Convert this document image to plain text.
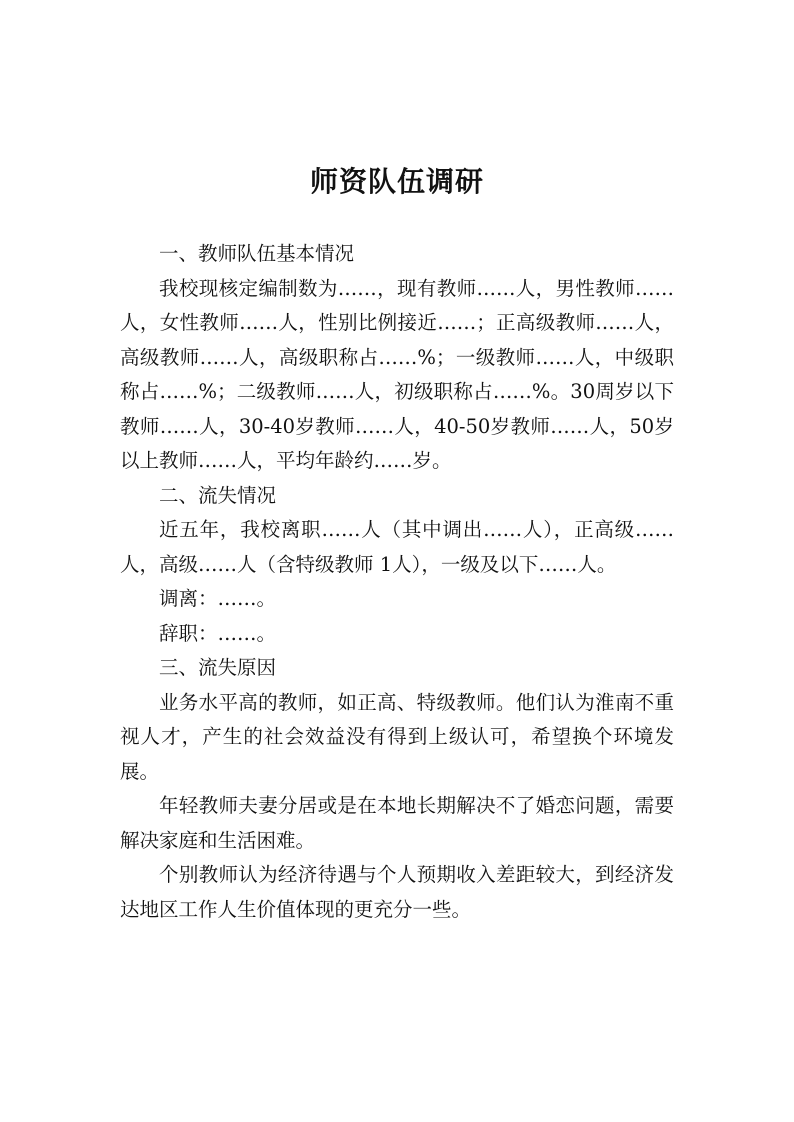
师资队伍调研

一、教师队伍基本情况

我校现核定编制数为……，现有教师……人，男性教师……人，女性教师……人，性别比例接近……；正高级教师……人，高级教师……人，高级职称占……%；一级教师……人，中级职称占……%；二级教师……人，初级职称占……%。30周岁以下教师……人，30-40岁教师……人，40-50岁教师……人，50岁以上教师……人，平均年龄约……岁。

二、流失情况

近五年，我校离职……人（其中调出……人），正高级……人，高级……人（含特级教师 1人），一级及以下……人。

调离：……。

辞职：……。

三、流失原因

业务水平高的教师，如正高、特级教师。他们认为淮南不重视人才，产生的社会效益没有得到上级认可，希望换个环境发展。

年轻教师夫妻分居或是在本地长期解决不了婚恋问题，需要解决家庭和生活困难。

个别教师认为经济待遇与个人预期收入差距较大，到经济发达地区工作人生价值体现的更充分一些。
